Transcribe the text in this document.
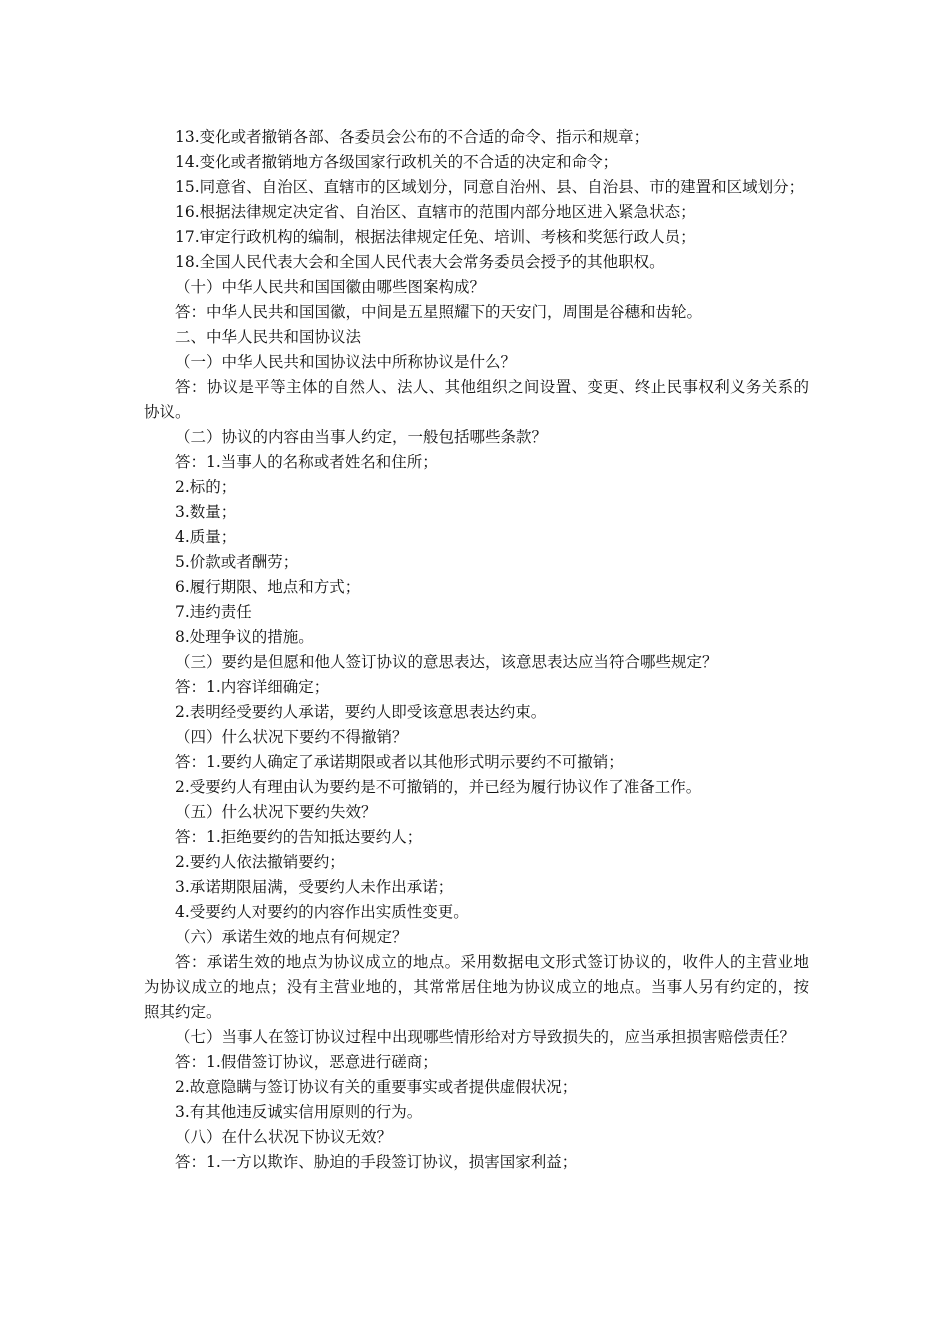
13.变化或者撤销各部、各委员会公布的不合适的命令、指示和规章；

14.变化或者撤销地方各级国家行政机关的不合适的决定和命令；

15.同意省、自治区、直辖市的区域划分，同意自治州、县、自治县、市的建置和区域划分；

16.根据法律规定决定省、自治区、直辖市的范围内部分地区进入紧急状态；

17.审定行政机构的编制，根据法律规定任免、培训、考核和奖惩行政人员；

18.全国人民代表大会和全国人民代表大会常务委员会授予的其他职权。

（十）中华人民共和国国徽由哪些图案构成？

答：中华人民共和国国徽，中间是五星照耀下的天安门，周围是谷穗和齿轮。

二、中华人民共和国协议法

（一）中华人民共和国协议法中所称协议是什么？

答：协议是平等主体的自然人、法人、其他组织之间设置、变更、终止民事权利义务关系的协议。

（二）协议的内容由当事人约定，一般包括哪些条款？

答：1.当事人的名称或者姓名和住所；

2.标的；

3.数量；

4.质量；

5.价款或者酬劳；

6.履行期限、地点和方式；

7.违约责任

8.处理争议的措施。

（三）要约是但愿和他人签订协议的意思表达，该意思表达应当符合哪些规定？

答：1.内容详细确定；

2.表明经受要约人承诺，要约人即受该意思表达约束。

（四）什么状况下要约不得撤销？

答：1.要约人确定了承诺期限或者以其他形式明示要约不可撤销；

2.受要约人有理由认为要约是不可撤销的，并已经为履行协议作了准备工作。

（五）什么状况下要约失效？

答：1.拒绝要约的告知抵达要约人；

2.要约人依法撤销要约；

3.承诺期限届满，受要约人未作出承诺；

4.受要约人对要约的内容作出实质性变更。

（六）承诺生效的地点有何规定？

答：承诺生效的地点为协议成立的地点。采用数据电文形式签订协议的，收件人的主营业地为协议成立的地点；没有主营业地的，其常常居住地为协议成立的地点。当事人另有约定的，按照其约定。

（七）当事人在签订协议过程中出现哪些情形给对方导致损失的，应当承担损害赔偿责任？

答：1.假借签订协议，恶意进行磋商；

2.故意隐瞒与签订协议有关的重要事实或者提供虚假状况；

3.有其他违反诚实信用原则的行为。

（八）在什么状况下协议无效？

答：1.一方以欺诈、胁迫的手段签订协议，损害国家利益；
